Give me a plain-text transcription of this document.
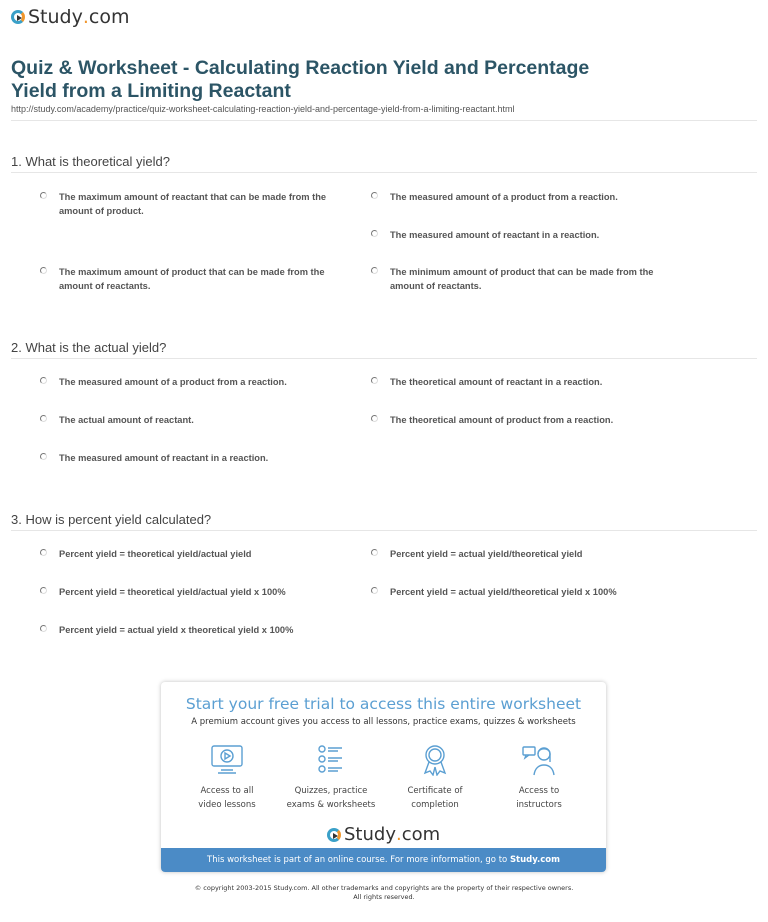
Study . com
Quiz & Worksheet - Calculating Reaction Yield and Percentage Yield from a Limiting Reactant
http://study.com/academy/practice/quiz-worksheet-calculating-reaction-yield-and-percentage-yield-from-a-limiting-reactant.html
1. What is theoretical yield?
The maximum amount of reactant that can be made from the amount of product.
The measured amount of a product from a reaction.
The measured amount of reactant in a reaction.
The maximum amount of product that can be made from the amount of reactants.
The minimum amount of product that can be made from the amount of reactants.
2. What is the actual yield?
The measured amount of a product from a reaction.	The theoretical amount of reactant in a reaction.
The actual amount of reactant.	The theoretical amount of product from a reaction.
The measured amount of reactant in a reaction.
3. How is percent yield calculated?
Percent yield = theoretical yield/actual yield	Percent yield = actual yield/theoretical yield
Percent yield = theoretical yield/actual yield x 100%	Percent yield = actual yield/theoretical yield x 100%
Percent yield = actual yield x theoretical yield x 100%
Start your free trial to access this entire worksheet
A premium account gives you access to all lessons, practice exams, quizzes & worksheets
Access to all
video lessons
Quizzes, practice
exams & worksheets
Certificate of
completion
Access to
instructors
Study . com
This worksheet is part of an online course. For more information, go to Study.com
© copyright 2003-2015 Study.com. All other trademarks and copyrights are the property of their respective owners.
All rights reserved.
